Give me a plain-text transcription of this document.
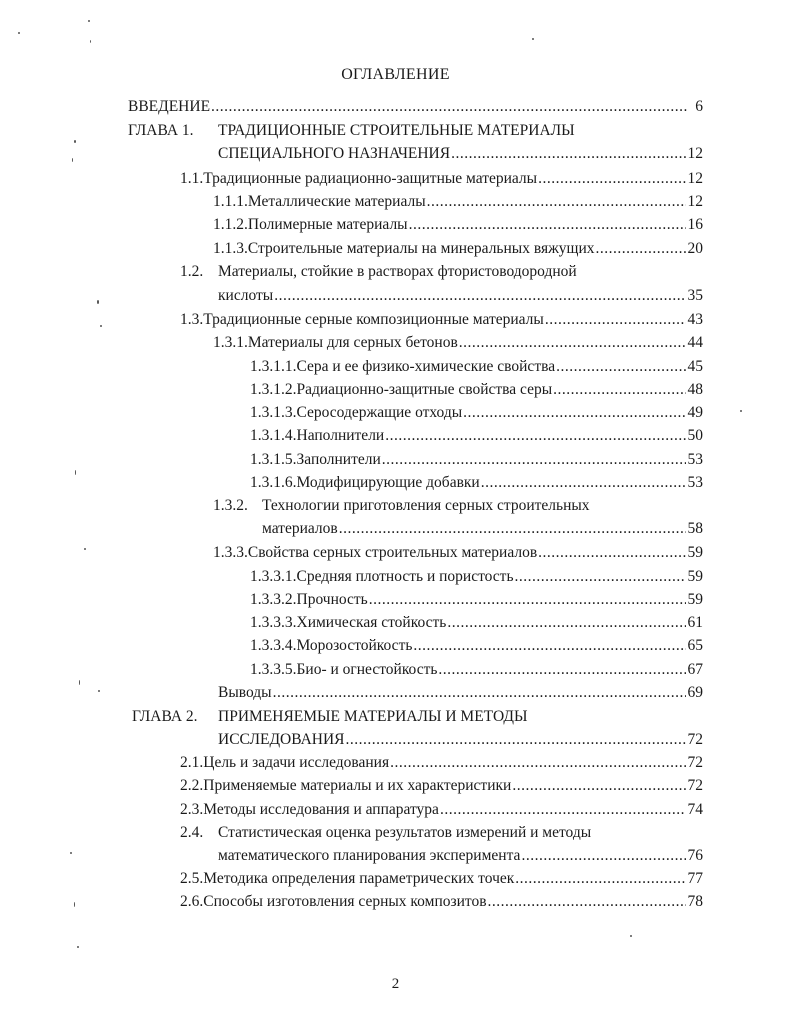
ОГЛАВЛЕНИЕ
ВВЕДЕНИЕ .....	6
ГЛАВА 1.	ТРАДИЦИОННЫЕ СТРОИТЕЛЬНЫЕ МАТЕРИАЛЫ
СПЕЦИАЛЬНОГО НАЗНАЧЕНИЯ .....	12
1.1. Традиционные радиационно-защитные материалы .....	12
1.1.1. Металлические материалы .....	12
1.1.2. Полимерные материалы .....	16
1.1.3. Строительные материалы на минеральных вяжущих .....	20
1.2. Материалы, стойкие в растворах фтористоводородной
кислоты .....	35
1.3. Традиционные серные композиционные материалы .....	43
1.3.1. Материалы для серных бетонов .....	44
1.3.1.1. Сера и ее физико-химические свойства .....	45
1.3.1.2. Радиационно-защитные свойства серы .....	48
1.3.1.3. Серосодержащие отходы .....	49
1.3.1.4. Наполнители .....	50
1.3.1.5. Заполнители .....	53
1.3.1.6. Модифицирующие добавки .....	53
1.3.2. Технологии приготовления серных строительных
материалов .....	58
1.3.3. Свойства серных строительных материалов .....	59
1.3.3.1. Средняя плотность и пористость .....	59
1.3.3.2. Прочность .....	59
1.3.3.3. Химическая стойкость .....	61
1.3.3.4. Морозостойкость .....	65
1.3.3.5. Био- и огнестойкость .....	67
Выводы .....	69
ГЛАВА 2.	ПРИМЕНЯЕМЫЕ МАТЕРИАЛЫ И МЕТОДЫ
ИССЛЕДОВАНИЯ .....	72
2.1. Цель и задачи исследования .....	72
2.2. Применяемые материалы и их характеристики .....	72
2.3. Методы исследования и аппаратура .....	74
2.4. Статистическая оценка результатов измерений и методы
математического планирования эксперимента .....	76
2.5. Методика определения параметрических точек .....	77
2.6. Способы изготовления серных композитов .....	78
2
